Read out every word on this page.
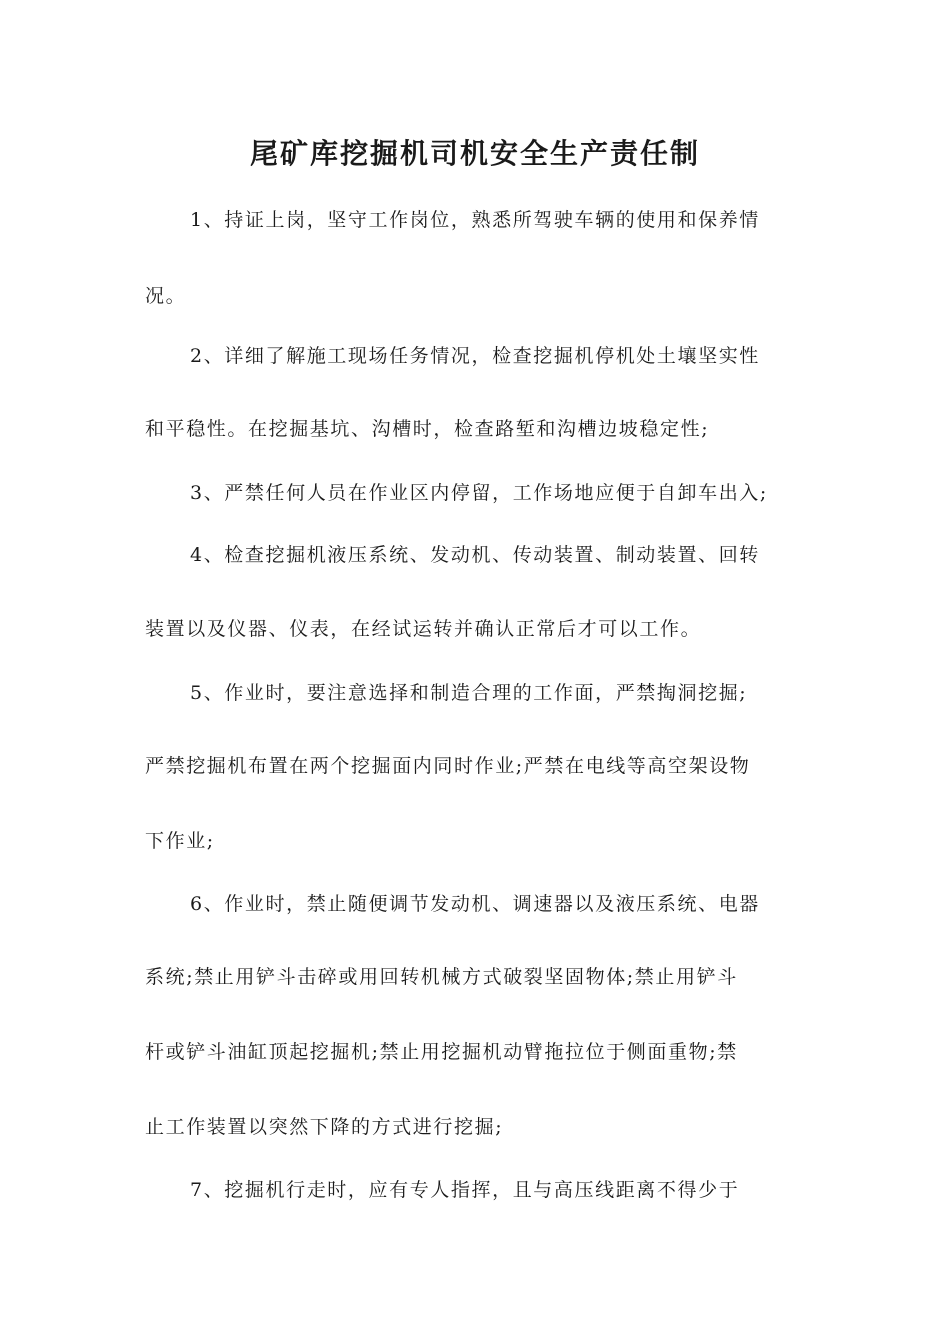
尾矿库挖掘机司机安全生产责任制
1、持证上岗，坚守工作岗位，熟悉所驾驶车辆的使用和保养情
况。
2、详细了解施工现场任务情况，检查挖掘机停机处土壤坚实性
和平稳性。在挖掘基坑、沟槽时，检查路堑和沟槽边坡稳定性;
3、严禁任何人员在作业区内停留，工作场地应便于自卸车出入;
4、检查挖掘机液压系统、发动机、传动装置、制动装置、回转
装置以及仪器、仪表，在经试运转并确认正常后才可以工作。
5、作业时，要注意选择和制造合理的工作面，严禁掏洞挖掘;
严禁挖掘机布置在两个挖掘面内同时作业;严禁在电线等高空架设物
下作业;
6、作业时，禁止随便调节发动机、调速器以及液压系统、电器
系统;禁止用铲斗击碎或用回转机械方式破裂坚固物体;禁止用铲斗
杆或铲斗油缸顶起挖掘机;禁止用挖掘机动臂拖拉位于侧面重物;禁
止工作装置以突然下降的方式进行挖掘;
7、挖掘机行走时，应有专人指挥，且与高压线距离不得少于
